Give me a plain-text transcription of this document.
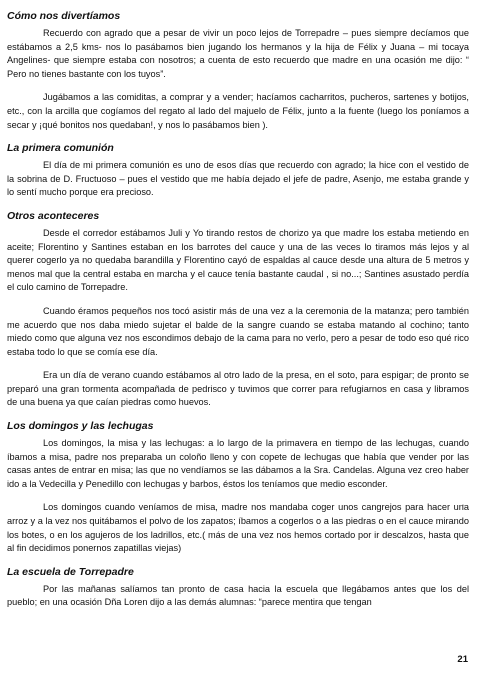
Cómo nos divertíamos

Recuerdo con agrado que a pesar de vivir un poco lejos de Torrepadre – pues siempre decíamos que estábamos a 2,5 kms- nos lo pasábamos bien jugando los hermanos y la hija de Félix y Juana – mi tocaya Angelines- que siempre estaba con nosotros; a cuenta de esto recuerdo que madre en una ocasión me dijo: “ Pero no tienes bastante con los tuyos”.

Jugábamos a las comiditas, a comprar y a vender; hacíamos cacharritos, pucheros, sartenes y botijos, etc., con la arcilla que cogíamos del regato al lado del majuelo de Félix, junto a la fuente (luego los poníamos a secar y ¡qué bonitos nos quedaban!, y nos lo pasábamos bien ).

La primera comunión

El día de mi primera comunión es uno de esos días que recuerdo con agrado; la hice con el vestido de la sobrina de D. Fructuoso – pues el vestido que me había dejado el jefe de padre, Asenjo, me estaba grande y lo sentí mucho porque era precioso.

Otros aconteceres

Desde el corredor estábamos Juli y Yo tirando restos de chorizo ya que madre los estaba metiendo en aceite; Florentino y Santines estaban en los barrotes del cauce y una de las veces lo tiramos más lejos y al querer cogerlo ya no quedaba barandilla y Florentino cayó de espaldas al cauce desde una altura de 5 metros y menos mal que la central estaba en marcha y el cauce tenía bastante caudal , si no...; Santines asustado perdía el culo camino de Torrepadre.

Cuando éramos pequeños nos tocó asistir más de una vez a la ceremonia de la matanza; pero también me acuerdo que nos daba miedo sujetar el balde de la sangre cuando se estaba matando al cochino; tanto miedo como que alguna vez nos escondimos debajo de la cama para no verlo, pero a pesar de todo eso qué rico estaba todo lo que se comía ese día.

Era un día de verano cuando estábamos al otro lado de la presa, en el soto, para espigar; de pronto se preparó una gran tormenta acompañada de pedrisco y tuvimos que correr para refugiarnos en casa y libramos de una buena ya que caían piedras como huevos.

Los domingos y las lechugas

Los domingos, la misa y las lechugas: a lo largo de la primavera en tiempo de las lechugas, cuando íbamos a misa, padre nos preparaba un coloño lleno y con copete de lechugas que había que vender por las casas antes de entrar en misa; las que no vendíamos se las dábamos a la Sra. Candelas. Alguna vez creo haber ido a la Vedecilla y Penedillo con lechugas y barbos, éstos los teníamos que medio esconder.

Los domingos cuando veníamos de misa, madre nos mandaba coger unos cangrejos para hacer una arroz y a la vez nos quitábamos el polvo de los zapatos; íbamos a cogerlos o a las piedras o en el cauce mirando los botes, o en los agujeros de los ladrillos, etc.( más de una vez nos hemos cortado por ir descalzos, hasta que al fin decidimos ponernos zapatillas viejas)

La escuela de Torrepadre

Por las mañanas salíamos tan pronto de casa hacia la escuela que llegábamos antes que los del pueblo; en una ocasión Dña Loren dijo a las demás alumnas: “parece mentira que tengan

21
